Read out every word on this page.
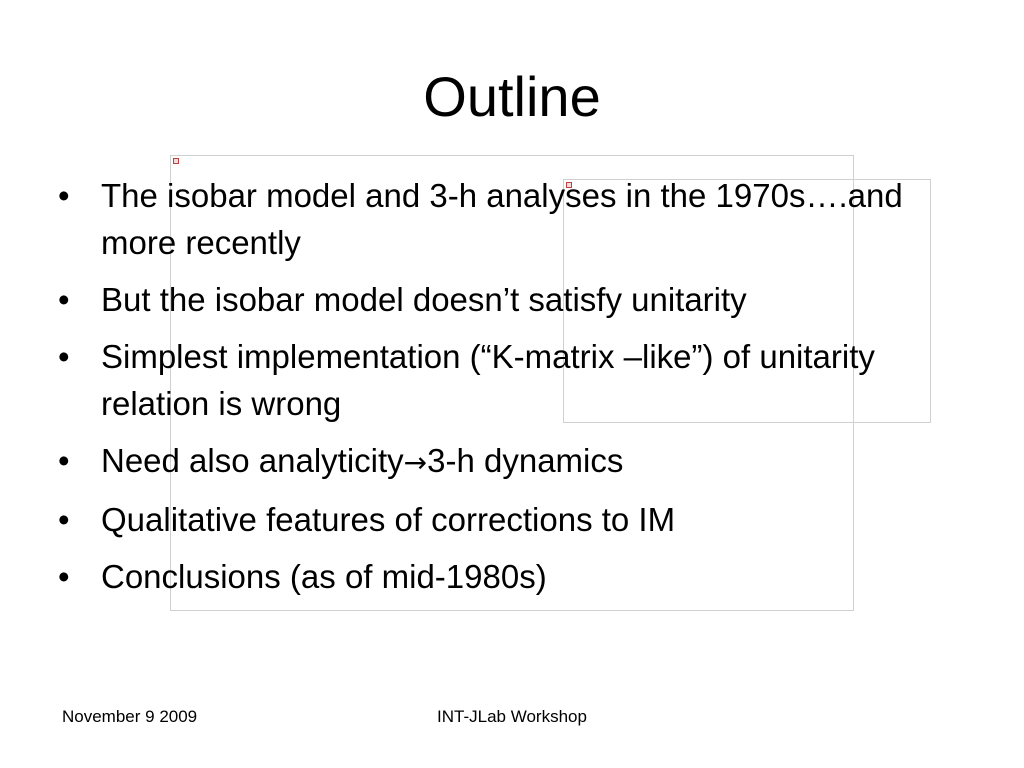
Outline
• The isobar model and 3-h analyses in the 1970s….and more recently
• But the isobar model doesn’t satisfy unitarity
• Simplest implementation (“K-matrix –like”) of unitarity relation is wrong
• Need also analyticity→3-h dynamics
• Qualitative features of corrections to IM
• Conclusions (as of mid-1980s)
November 9 2009	INT-JLab Workshop
